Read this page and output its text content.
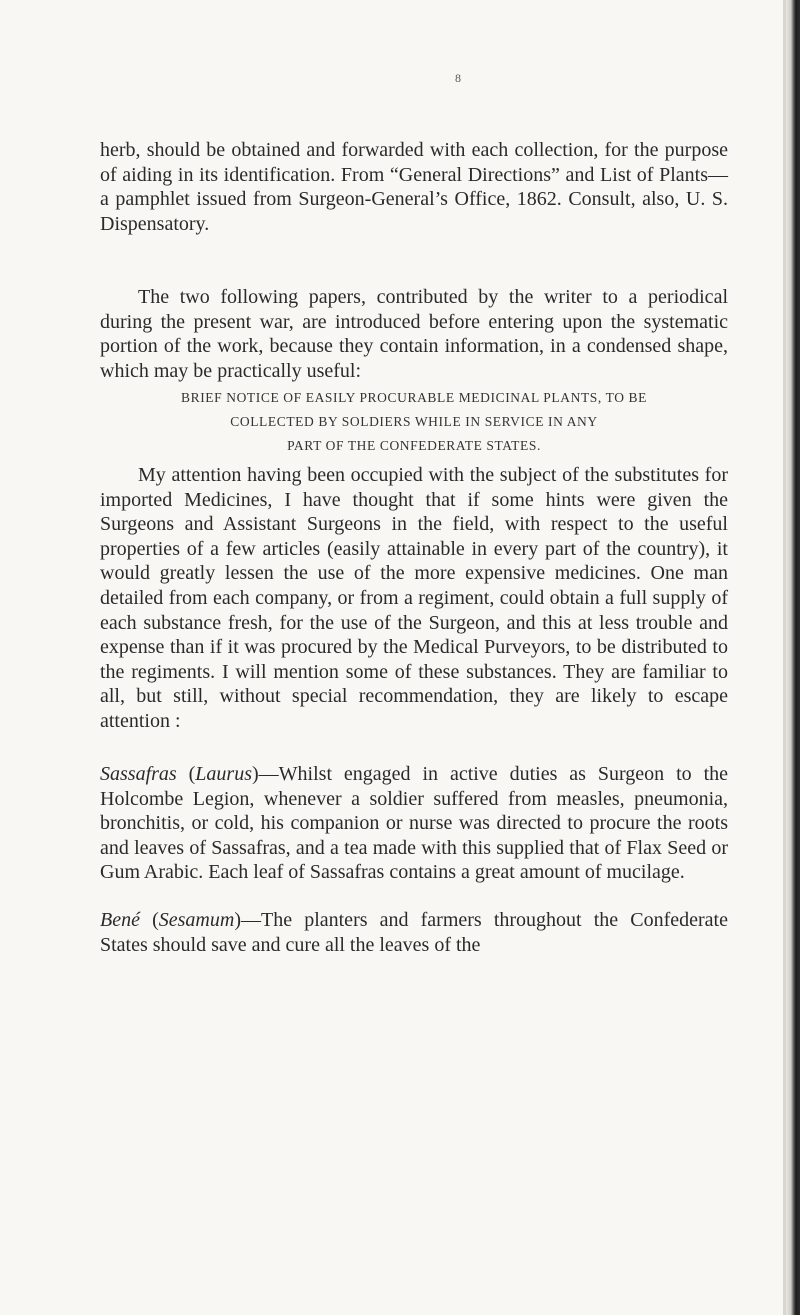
8

herb, should be obtained and forwarded with each collection, for the purpose of aiding in its identification. From “General Directions” and List of Plants—a pamphlet issued from Surgeon-General’s Office, 1862. Consult, also, U. S. Dispensatory.

The two following papers, contributed by the writer to a periodical during the present war, are introduced before entering upon the systematic portion of the work, because they contain information, in a condensed shape, which may be practically useful:

BRIEF NOTICE OF EASILY PROCURABLE MEDICINAL PLANTS, TO BE
COLLECTED BY SOLDIERS WHILE IN SERVICE IN ANY
PART OF THE CONFEDERATE STATES.

My attention having been occupied with the subject of the substitutes for imported Medicines, I have thought that if some hints were given the Surgeons and Assistant Surgeons in the field, with respect to the useful properties of a few articles (easily attainable in every part of the country), it would greatly lessen the use of the more expensive medicines. One man detailed from each company, or from a regiment, could obtain a full supply of each substance fresh, for the use of the Surgeon, and this at less trouble and expense than if it was procured by the Medical Purveyors, to be distributed to the regiments. I will mention some of these substances. They are familiar to all, but still, without special recommendation, they are likely to escape attention :

Sassafras (Laurus)—Whilst engaged in active duties as Surgeon to the Holcombe Legion, whenever a soldier suffered from measles, pneumonia, bronchitis, or cold, his companion or nurse was directed to procure the roots and leaves of Sassafras, and a tea made with this supplied that of Flax Seed or Gum Arabic. Each leaf of Sassafras contains a great amount of mucilage.

Bené (Sesamum)—The planters and farmers throughout the Confederate States should save and cure all the leaves of the
